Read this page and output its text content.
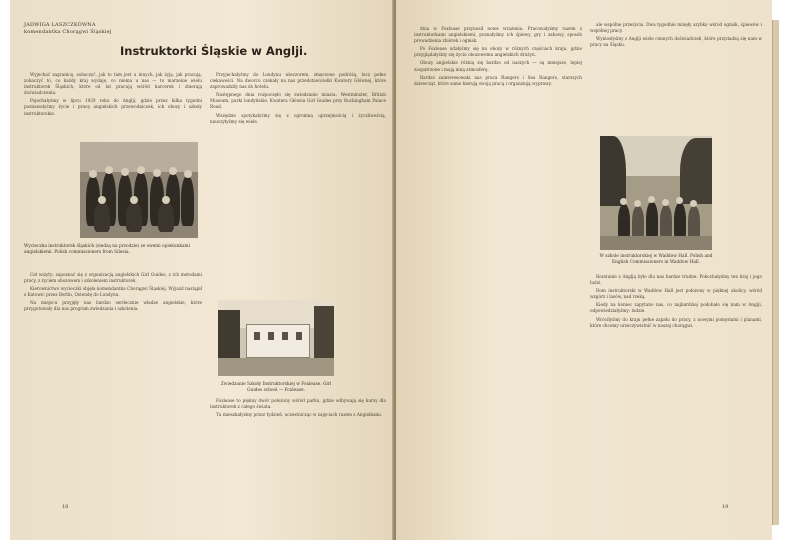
JADWIGA LASZCZKÓWNA
komendantka Chorągwi Śląskiej
Instruktorki Śląskie w Anglji.

Wyjechać zagranicę, zobaczyć, jak to tam jest u innych, jak żyją, jak pracują, zobaczyć to, co każdy kraj wydaje, co niema u nas — to marzenie wielu instruktorek Śląskich, które od lat pracują wśród harcerek i zbierają doświadczenia.

Pojechałyśmy w lipcu 1929 roku do Anglji, gdzie przez kilka tygodni poznawałyśmy życie i pracę angielskich przewodniczek, ich obozy i szkoły instruktorskie.

Wycieczka instruktorek śląskich (siedzą na przodzie) ze swemi opiekunkami angielskiemi. Polish commissioners from Silesia.

Cel wizyty: zapoznać się z organizacją angielskich Girl Guides, z ich metodami pracy, z życiem obozowem i szkoleniem instruktorek.

Kierownictwo wycieczki objęła komendantka Chorągwi Śląskiej. Wyjazd nastąpił z Katowic przez Berlin, Ostendę do Londynu.

Na miejscu przyjęły nas bardzo serdecznie władze angielskie, które przygotowały dla nas program zwiedzania i szkolenia.

Przyjechałyśmy do Londynu wieczorem, zmęczone podróżą, lecz pełne ciekawości. Na dworcu czekały na nas przedstawicielki Kwatery Głównej, które zaprowadziły nas do hotelu.

Następnego dnia rozpoczęło się zwiedzanie miasta: Westminster, British Museum, parki londyńskie, Kwatera Główna Girl Guides przy Buckingham Palace Road.

Wszędzie spotykałyśmy się z ogromną uprzejmością i życzliwością, nauczyłyśmy się wiele.

Zwiedzanie Szkoły Instruktorskiej w Foxlease. Girl Guides school — Foxlease.

Foxlease to piękny dwór położony wśród parku, gdzie odbywają się kursy dla instruktorek z całego świata.

Tu mieszkałyśmy przez tydzień, uczestnicząc w zajęciach razem z Angielkami.

18

dnia w Foxlease przynosił nowe wrażenia. Pracowałyśmy razem z instruktorkami angielskiemi, poznałyśmy ich śpiewy, gry i zabawy, sposób prowadzenia zbiórek i ognisk.

Po Foxlease udałyśmy się na obozy w różnych częściach kraju, gdzie przyglądałyśmy się życiu obozowemu angielskich drużyn.

Obozy angielskie różnią się bardzo od naszych — są mniejsze, lepiej zaopatrzone i mają inną atmosferę.

Bardzo zainteresowała nas praca Rangers i Sea Rangers, starszych dziewcząt, które same kierują swoją pracą i organizują wyprawy.

ale wspólne przeżycia. Dwa tygodnie minęły szybko wśród ognisk, śpiewów i wspólnej pracy.

Wyniosłyśmy z Anglji wiele cennych doświadczeń, które przydadzą się nam w pracy na Śląsku.

W szkole instruktorskiej w Waddow Hall. Polish and English Commissioners in Waddow Hall.

Rozstanie z Anglją było dla nas bardzo trudne. Pokochałyśmy ten kraj i jego ludzi.

Dom instruktorski w Waddow Hall jest położony w pięknej okolicy, wśród wzgórz i lasów, nad rzeką.

Kiedy na koniec zapytano nas, co najbardziej podobało się nam w Anglji, odpowiedziałyśmy: ludzie.

Wróciłyśmy do kraju pełne zapału do pracy, z nowymi pomysłami i planami, które chcemy urzeczywistnić w naszej chorągwi.

19
